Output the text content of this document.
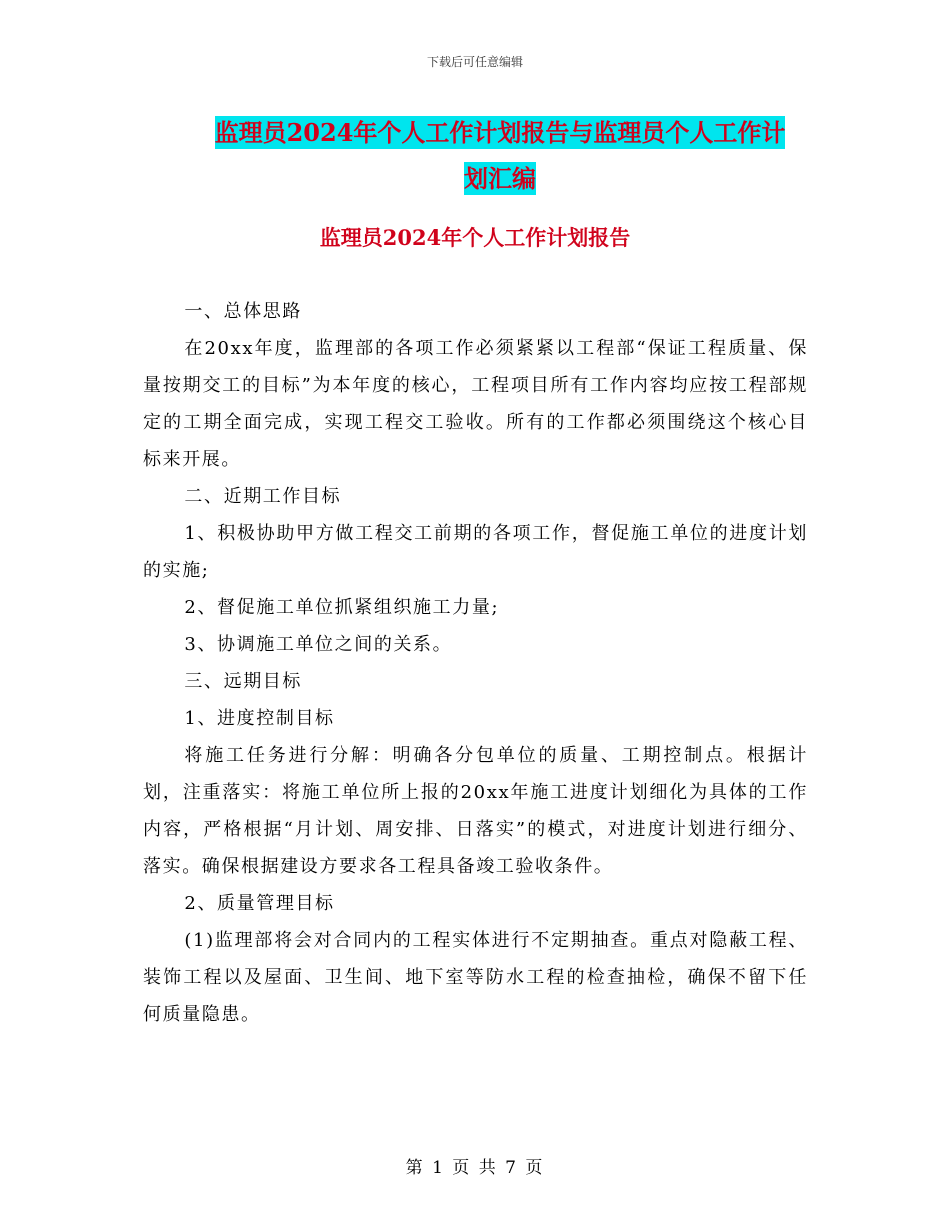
下载后可任意编辑
监理员2024年个人工作计划报告与监理员个人工作计
划汇编
监理员2024年个人工作计划报告

一、总体思路

在20xx年度，监理部的各项工作必须紧紧以工程部“保证工程质量、保量按期交工的目标”为本年度的核心，工程项目所有工作内容均应按工程部规定的工期全面完成，实现工程交工验收。所有的工作都必须围绕这个核心目标来开展。

二、近期工作目标

1、积极协助甲方做工程交工前期的各项工作，督促施工单位的进度计划的实施;

2、督促施工单位抓紧组织施工力量;

3、协调施工单位之间的关系。

三、远期目标

1、进度控制目标

将施工任务进行分解：明确各分包单位的质量、工期控制点。根据计划，注重落实：将施工单位所上报的20xx年施工进度计划细化为具体的工作内容，严格根据“月计划、周安排、日落实”的模式，对进度计划进行细分、落实。确保根据建设方要求各工程具备竣工验收条件。

2、质量管理目标

(1)监理部将会对合同内的工程实体进行不定期抽查。重点对隐蔽工程、装饰工程以及屋面、卫生间、地下室等防水工程的检查抽检，确保不留下任何质量隐患。

第 1 页 共 7 页
